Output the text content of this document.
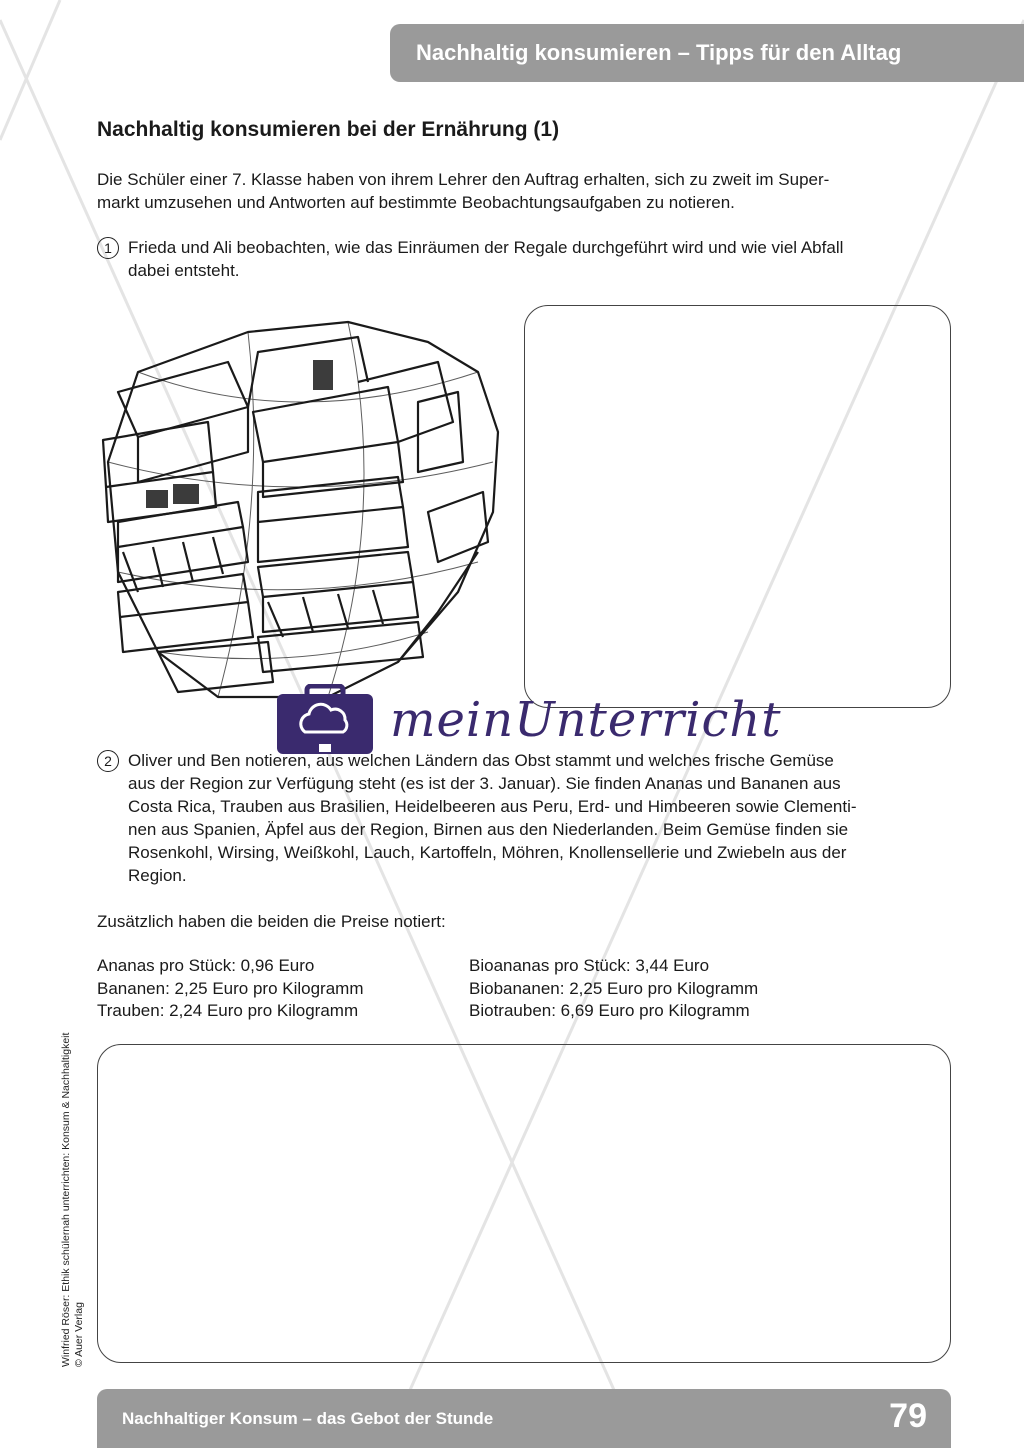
Nachhaltig konsumieren – Tipps für den Alltag
Nachhaltig konsumieren bei der Ernährung (1)

Die Schüler einer 7. Klasse haben von ihrem Lehrer den Auftrag erhalten, sich zu zweit im Super-
markt umzusehen und Antworten auf bestimmte Beobachtungsaufgaben zu notieren.

1 Frieda und Ali beobachten, wie das Einräumen der Regale durchgeführt wird und wie viel Abfall
dabei entsteht.
meinUnterricht
2 Oliver und Ben notieren, aus welchen Ländern das Obst stammt und welches frische Gemüse
aus der Region zur Verfügung steht (es ist der 3. Januar). Sie finden Ananas und Bananen aus
Costa Rica, Trauben aus Brasilien, Heidelbeeren aus Peru, Erd- und Himbeeren sowie Clementi-
nen aus Spanien, Äpfel aus der Region, Birnen aus den Niederlanden. Beim Gemüse finden sie
Rosenkohl, Wirsing, Weißkohl, Lauch, Kartoffeln, Möhren, Knollensellerie und Zwiebeln aus der
Region.

Zusätzlich haben die beiden die Preise notiert:

Ananas pro Stück: 0,96 Euro
Bananen: 2,25 Euro pro Kilogramm
Trauben: 2,24 Euro pro Kilogramm
Bioananas pro Stück: 3,44 Euro
Biobananen: 2,25 Euro pro Kilogramm
Biotrauben: 6,69 Euro pro Kilogramm
Winfried Röser: Ethik schülernah unterrichten: Konsum & Nachhaltigkeit © Auer Verlag
Nachhaltiger Konsum – das Gebot der Stunde	79
